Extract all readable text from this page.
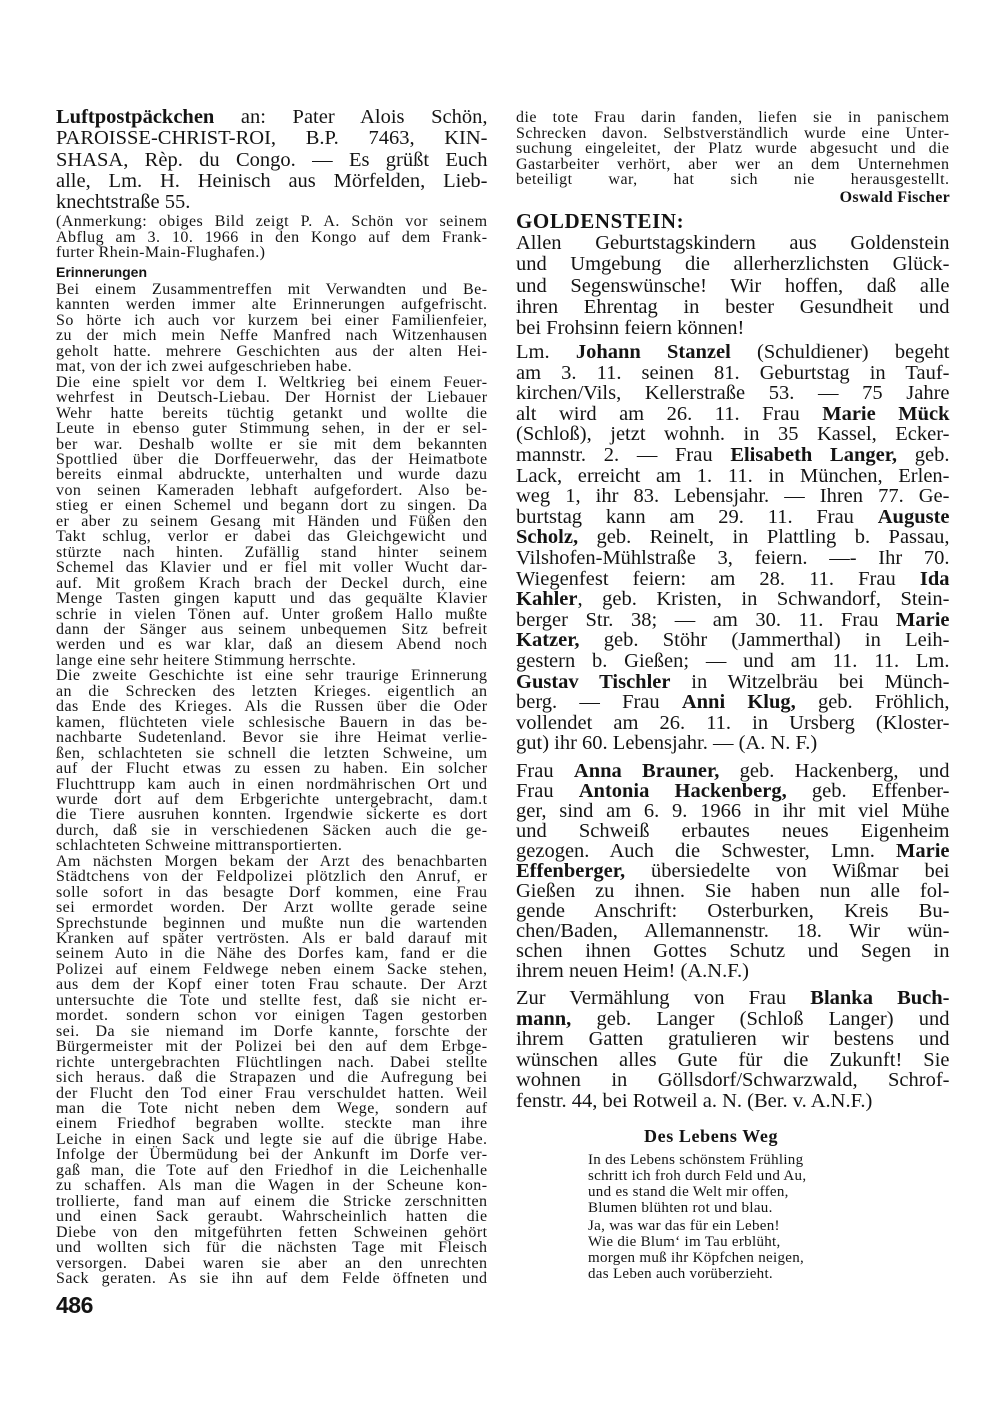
Luftpostpäckchen an: Pater Alois Schön,
PAROISSE-CHRIST-ROI, B.P. 7463, KIN-
SHASA, Rèp. du Congo. — Es grüßt Euch
alle, Lm. H. Heinisch aus Mörfelden, Lieb-
knechtstraße 55.
(Anmerkung: obiges Bild zeigt P. A. Schön vor seinem
Abflug am 3. 10. 1966 in den Kongo auf dem Frank-
furter Rhein-Main-Flughafen.)
Erinnerungen
Bei einem Zusammentreffen mit Verwandten und Be-
kannten werden immer alte Erinnerungen aufgefrischt.
So hörte ich auch vor kurzem bei einer Familienfeier,
zu der mich mein Neffe Manfred nach Witzenhausen
geholt hatte. mehrere Geschichten aus der alten Hei-
mat, von der ich zwei aufgeschrieben habe.
Die eine spielt vor dem I. Weltkrieg bei einem Feuer-
wehrfest in Deutsch-Liebau. Der Hornist der Liebauer
Wehr hatte bereits tüchtig getankt und wollte die
Leute in ebenso guter Stimmung sehen, in der er sel-
ber war. Deshalb wollte er sie mit dem bekannten
Spottlied über die Dorffeuerwehr, das der Heimatbote
bereits einmal abdruckte, unterhalten und wurde dazu
von seinen Kameraden lebhaft aufgefordert. Also be-
stieg er einen Schemel und begann dort zu singen. Da
er aber zu seinem Gesang mit Händen und Füßen den
Takt schlug, verlor er dabei das Gleichgewicht und
stürzte nach hinten. Zufällig stand hinter seinem
Schemel das Klavier und er fiel mit voller Wucht dar-
auf. Mit großem Krach brach der Deckel durch, eine
Menge Tasten gingen kaputt und das gequälte Klavier
schrie in vielen Tönen auf. Unter großem Hallo mußte
dann der Sänger aus seinem unbequemen Sitz befreit
werden und es war klar, daß an diesem Abend noch
lange eine sehr heitere Stimmung herrschte.
Die zweite Geschichte ist eine sehr traurige Erinnerung
an die Schrecken des letzten Krieges. eigentlich an
das Ende des Krieges. Als die Russen über die Oder
kamen, flüchteten viele schlesische Bauern in das be-
nachbarte Sudetenland. Bevor sie ihre Heimat verlie-
ßen, schlachteten sie schnell die letzten Schweine, um
auf der Flucht etwas zu essen zu haben. Ein solcher
Fluchttrupp kam auch in einen nordmährischen Ort und
wurde dort auf dem Erbgerichte untergebracht, dam.t
die Tiere ausruhen konnten. Irgendwie sickerte es dort
durch, daß sie in verschiedenen Säcken auch die ge-
schlachteten Schweine mittransportierten.
Am nächsten Morgen bekam der Arzt des benachbarten
Städtchens von der Feldpolizei plötzlich den Anruf, er
solle sofort in das besagte Dorf kommen, eine Frau
sei ermordet worden. Der Arzt wollte gerade seine
Sprechstunde beginnen und mußte nun die wartenden
Kranken auf später vertrösten. Als er bald darauf mit
seinem Auto in die Nähe des Dorfes kam, fand er die
Polizei auf einem Feldwege neben einem Sacke stehen,
aus dem der Kopf einer toten Frau schaute. Der Arzt
untersuchte die Tote und stellte fest, daß sie nicht er-
mordet. sondern schon vor einigen Tagen gestorben
sei. Da sie niemand im Dorfe kannte, forschte der
Bürgermeister mit der Polizei bei den auf dem Erbge-
richte untergebrachten Flüchtlingen nach. Dabei stellte
sich heraus. daß die Strapazen und die Aufregung bei
der Flucht den Tod einer Frau verschuldet hatten. Weil
man die Tote nicht neben dem Wege, sondern auf
einem Friedhof begraben wollte. steckte man ihre
Leiche in einen Sack und legte sie auf die übrige Habe.
Infolge der Übermüdung bei der Ankunft im Dorfe ver-
gaß man, die Tote auf den Friedhof in die Leichenhalle
zu schaffen. Als man die Wagen in der Scheune kon-
trollierte, fand man auf einem die Stricke zerschnitten
und einen Sack geraubt. Wahrscheinlich hatten die
Diebe von den mitgeführten fetten Schweinen gehört
und wollten sich für die nächsten Tage mit Fleisch
versorgen. Dabei waren sie aber an den unrechten
Sack geraten. As sie ihn auf dem Felde öffneten und
die tote Frau darin fanden, liefen sie in panischem
Schrecken davon. Selbstverständlich wurde eine Unter-
suchung eingeleitet, der Platz wurde abgesucht und die
Gastarbeiter verhört, aber wer an dem Unternehmen
beteiligt war, hat sich nie herausgestellt.
Oswald Fischer
GOLDENSTEIN:
Allen Geburtstagskindern aus Goldenstein
und Umgebung die allerherzlichsten Glück-
und Segenswünsche! Wir hoffen, daß alle
ihren Ehrentag in bester Gesundheit und
bei Frohsinn feiern können!
Lm. Johann Stanzel (Schuldiener) begeht
am 3. 11. seinen 81. Geburtstag in Tauf-
kirchen/Vils, Kellerstraße 53. — 75 Jahre
alt wird am 26. 11. Frau Marie Mück
(Schloß), jetzt wohnh. in 35 Kassel, Ecker-
mannstr. 2. — Frau Elisabeth Langer, geb.
Lack, erreicht am 1. 11. in München, Erlen-
weg 1, ihr 83. Lebensjahr. — Ihren 77. Ge-
burtstag kann am 29. 11. Frau Auguste
Scholz, geb. Reinelt, in Plattling b. Passau,
Vilshofen-Mühlstraße 3, feiern. —- Ihr 70.
Wiegenfest feiern: am 28. 11. Frau Ida
Kahler, geb. Kristen, in Schwandorf, Stein-
berger Str. 38; — am 30. 11. Frau Marie
Katzer, geb. Stöhr (Jammerthal) in Leih-
gestern b. Gießen; — und am 11. 11. Lm.
Gustav Tischler in Witzelbräu bei Münch-
berg. — Frau Anni Klug, geb. Fröhlich,
vollendet am 26. 11. in Ursberg (Kloster-
gut) ihr 60. Lebensjahr. — (A. N. F.)
Frau Anna Brauner, geb. Hackenberg, und
Frau Antonia Hackenberg, geb. Effenber-
ger, sind am 6. 9. 1966 in ihr mit viel Mühe
und Schweiß erbautes neues Eigenheim
gezogen. Auch die Schwester, Lmn. Marie
Effenberger, übersiedelte von Wißmar bei
Gießen zu ihnen. Sie haben nun alle fol-
gende Anschrift: Osterburken, Kreis Bu-
chen/Baden, Allemannenstr. 18. Wir wün-
schen ihnen Gottes Schutz und Segen in
ihrem neuen Heim! (A.N.F.)
Zur Vermählung von Frau Blanka Buch-
mann, geb. Langer (Schloß Langer) und
ihrem Gatten gratulieren wir bestens und
wünschen alles Gute für die Zukunft! Sie
wohnen in Göllsdorf/Schwarzwald, Schrof-
fenstr. 44, bei Rotweil a. N. (Ber. v. A.N.F.)
Des Lebens Weg
In des Lebens schönstem Frühling
schritt ich froh durch Feld und Au,
und es stand die Welt mir offen,
Blumen blühten rot und blau.
Ja, was war das für ein Leben!
Wie die Blum‘ im Tau erblüht,
morgen muß ihr Köpfchen neigen,
das Leben auch vorüberzieht.
486
